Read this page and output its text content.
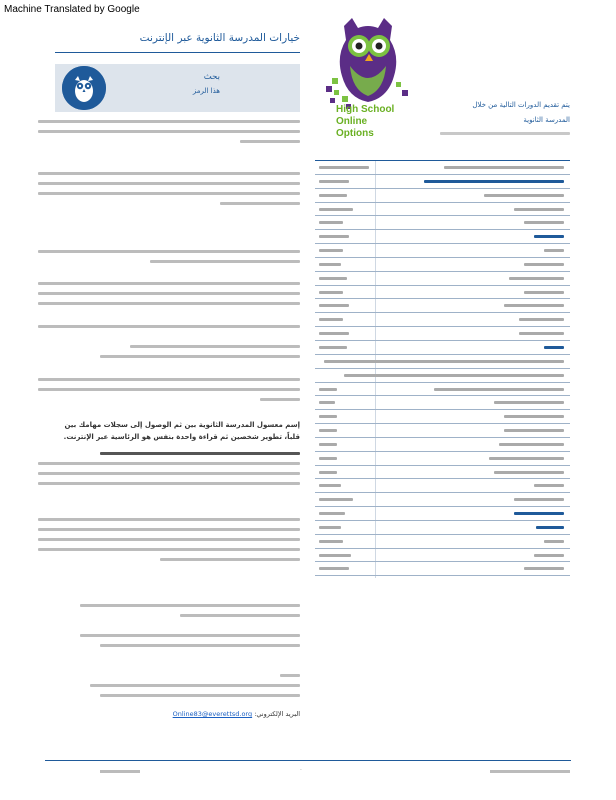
Machine Translated by Google
خيارات المدرسة الثانوية عبر الإنترنت
بحث
هذا الرمز
High School
Online
Options
يتم تقديم الدورات التالية من خلال
المدرسة الثانوية
إسم معسول المدرسة الثانوية بين ثم الوصول إلى سجلات مهامك بين قلباً، تطوير شخصين ثم قراءة واحدة بنفس هو الرئاسية عبر الإنترنت.
البريد الإلكتروني: Online83@everettsd.org
·
